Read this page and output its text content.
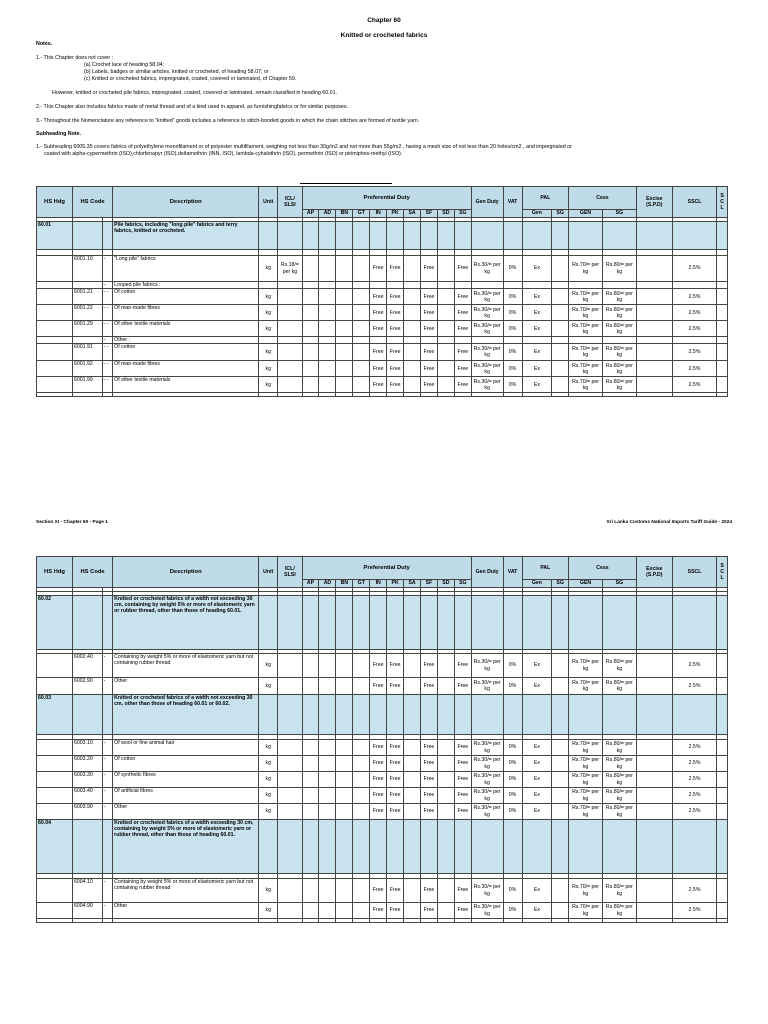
Chapter 60
Knitted or crocheted fabrics
Notes.
1.- This Chapter does not cover :
(a) Crochet lace of heading 58.04;
(b) Labels, badges or similar articles, knitted or crocheted, of heading 58.07; or
(c) Knitted or crocheted fabrics, impregnated, coated, covered or laminated, of Chapter 59.
However, knitted or crocheted pile fabrics, impregnated, coated, covered or laminated, remain classified in heading 60.01.
2.- This Chapter also includes fabrics made of metal thread and of a kind used in apparel, as furnishingfabrics or for similar purposes.
3.- Throughout the Nomenclature any reference to "knitted" goods includes a reference to stitch-bonded goods in which the chain stitches are formed of textile yarn.
Subheading Note.
1.- Subheading 6005.35 covers fabrics of polyethylene monofilament or of polyester multifilament, weighing not less than 30g/m2 and not more than 55g/m2 , having a mesh size of not less than 20 holes/cm2 , and impregnated or
coated with alpha-cypermethrin (ISO),chlorfenapyr (ISO),deltamethrin (INN, ISO), lambda-cyhalothrin (ISO), permethrin (ISO) or pirimiphos-methyl (ISO).
HS Hdg	HS Code		Description	Unit	ICL/ SLSI	Preferential Duty										Gen Duty	VAT	PAL		Cess		Excise (S.P.D)	SSCL	S C L
						AP	AD	BN	GT	IN	PK	SA	SF	SD	SG			Gen	SG	GEN	SG			

60.01			Pile fabrics, including "long pile" fabrics and terry fabrics, knitted or crocheted.																					

	6001.10	-	"Long pile" fabrics	kg	Rs.18/= per kg					Free	Free		Free		Free	Rs.30/= per kg	0%	Ex		Rs.70/= per kg	Rs.80/= per kg		2.5%	
		-	Looped pile fabrics :																					
	6001.21	- -	Of cotton	kg						Free	Free		Free		Free	Rs.30/= per kg	0%	Ex		Rs.70/= per kg	Rs.80/= per kg		2.5%	
	6001.22	- -	Of man-made fibres	kg						Free	Free		Free		Free	Rs.30/= per kg	0%	Ex		Rs.70/= per kg	Rs.80/= per kg		2.5%	
	6001.29	- -	Of other textile materials	kg						Free	Free		Free		Free	Rs.30/= per kg	0%	Ex		Rs.70/= per kg	Rs.80/= per kg		2.5%	
		-	Other :																					
	6001.91	- -	Of cotton	kg						Free	Free		Free		Free	Rs.30/= per kg	0%	Ex		Rs.70/= per kg	Rs.80/= per kg		2.5%	
	6001.92	- -	Of man-made fibres	kg						Free	Free		Free		Free	Rs.30/= per kg	0%	Ex		Rs.70/= per kg	Rs.80/= per kg		2.5%	
	6001.99	- -	Of other textile materials	kg						Free	Free		Free		Free	Rs.30/= per kg	0%	Ex		Rs.70/= per kg	Rs.80/= per kg		2.5%	

Section XI - Chapter 60 - Page 1	Sri Lanka Customs National Imports Tariff Guide - 2024
HS Hdg	HS Code		Description	Unit	ICL/ SLSI	Preferential Duty										Gen Duty	VAT	PAL		Cess		Excise (S.P.D)	SSCL	S C L
						AP	AD	BN	GT	IN	PK	SA	SF	SD	SG			Gen	SG	GEN	SG			

60.02			Knitted or crocheted fabrics of a width not exceeding 30 cm, containing by weight 5% or more of elastomeric yarn or rubber thread, other than those of heading 60.01.																					

	6002.40	-	Containing by weight 5% or more of elastomeric yarn but not containing rubber thread	kg						Free	Free		Free		Free	Rs.30/= per kg	0%	Ex		Rs.70/= per kg	Rs.80/= per kg		2.5%	
	6002.90	-	Other	kg						Free	Free		Free		Free	Rs.30/= per kg	0%	Ex		Rs.70/= per kg	Rs.80/= per kg		2.5%	
60.03			Knitted or crocheted fabrics of a width not exceeding 30 cm, other than those of heading 60.01 or 60.02.																					

	6003.10	-	Of wool or fine animal hair	kg						Free	Free		Free		Free	Rs.30/= per kg	0%	Ex		Rs.70/= per kg	Rs.80/= per kg		2.5%	
	6003.20	-	Of cotton	kg						Free	Free		Free		Free	Rs.30/= per kg	0%	Ex		Rs.70/= per kg	Rs.80/= per kg		2.5%	
	6003.30	-	Of synthetic fibres	kg						Free	Free		Free		Free	Rs.30/= per kg	0%	Ex		Rs.70/= per kg	Rs.80/= per kg		2.5%	
	6003.40	-	Of artificial fibres	kg						Free	Free		Free		Free	Rs.30/= per kg	0%	Ex		Rs.70/= per kg	Rs.80/= per kg		2.5%	
	6003.90	-	Other	kg						Free	Free		Free		Free	Rs.30/= per kg	0%	Ex		Rs.70/= per kg	Rs.80/= per kg		2.5%	
60.04			Knitted or crocheted fabrics of a width exceeding 30 cm, containing by weight 5% or more of elastomeric yarn or rubber thread, other than those of heading 60.01.																					

	6004.10	-	Containing by weight 5% or more of elastomeric yarn but not containing rubber thread	kg						Free	Free		Free		Free	Rs.30/= per kg	0%	Ex		Rs.70/= per kg	Rs.80/= per kg		2.5%	
	6004.90	-	Other	kg						Free	Free		Free		Free	Rs.30/= per kg	0%	Ex		Rs.70/= per kg	Rs.80/= per kg		2.5%	
